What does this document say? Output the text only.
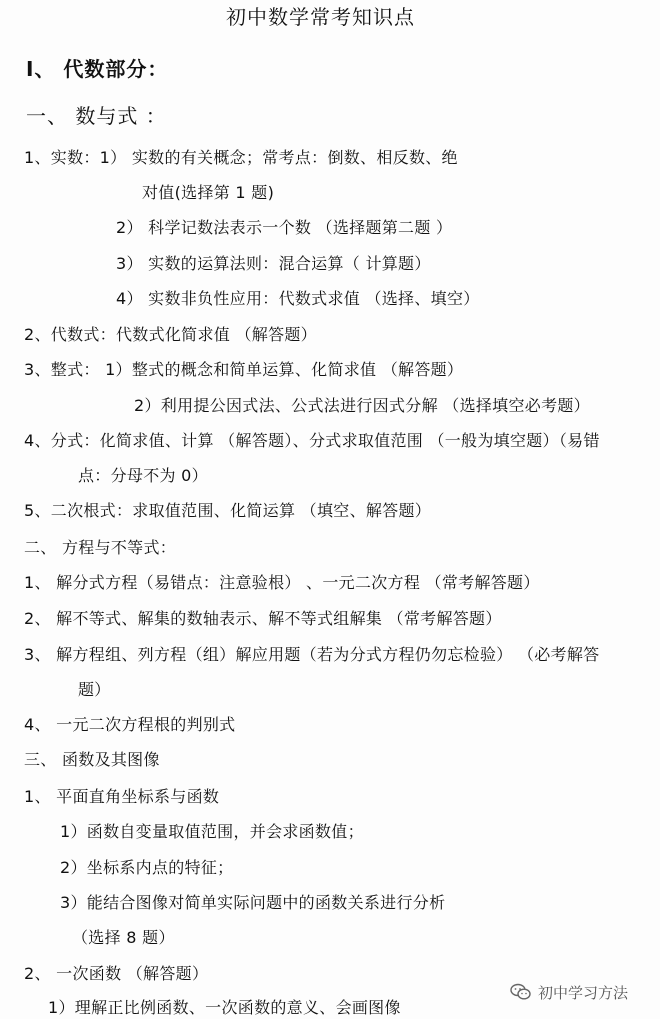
初中数学常考知识点
Ⅰ、 代数部分：
一、 数与式 ：
1、实数：1） 实数的有关概念；常考点：倒数、相反数、绝
对值(选择第 1 题)
2） 科学记数法表示一个数 （选择题第二题 ）
3） 实数的运算法则：混合运算（ 计算题）
4） 实数非负性应用：代数式求值 （选择、填空）
2、代数式：代数式化简求值 （解答题）
3、整式： 1）整式的概念和简单运算、化简求值 （解答题）
2）利用提公因式法、公式法进行因式分解 （选择填空必考题）
4、分式：化简求值、计算 （解答题）、分式求取值范围 （一般为填空题）（易错
点：分母不为 0）
5、二次根式：求取值范围、化简运算 （填空、解答题）
二、 方程与不等式：
1、 解分式方程（易错点：注意验根） 、一元二次方程 （常考解答题）
2、 解不等式、解集的数轴表示、解不等式组解集 （常考解答题）
3、 解方程组、列方程（组）解应用题（若为分式方程仍勿忘检验） （必考解答
题）
4、 一元二次方程根的判别式
三、 函数及其图像
1、 平面直角坐标系与函数
1）函数自变量取值范围，并会求函数值；
2）坐标系内点的特征；
3）能结合图像对简单实际问题中的函数关系进行分析
（选择 8 题）
2、 一次函数 （解答题）
1）理解正比例函数、一次函数的意义、会画图像
初中学习方法
